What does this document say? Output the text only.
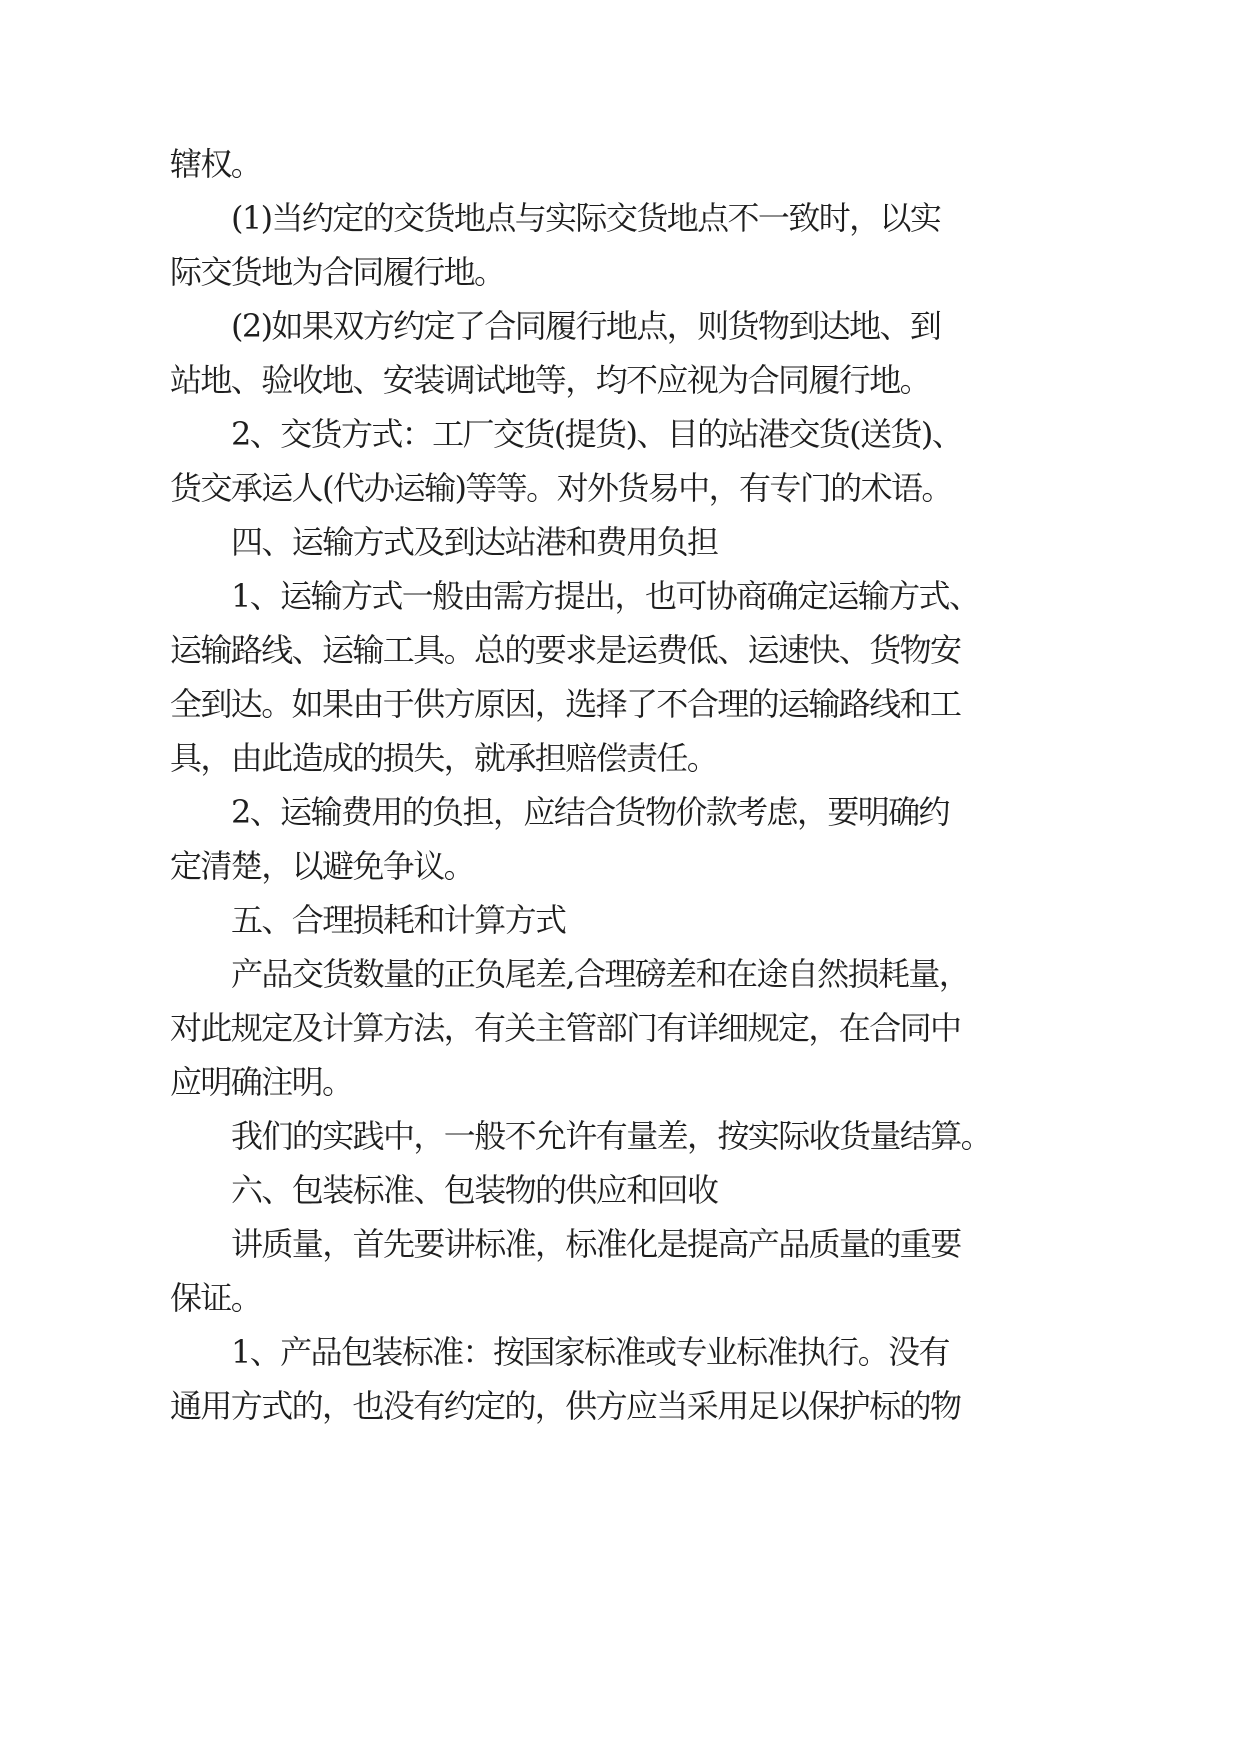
辖权。

(1)当约定的交货地点与实际交货地点不一致时，以实

际交货地为合同履行地。

(2)如果双方约定了合同履行地点，则货物到达地、到

站地、验收地、安装调试地等，均不应视为合同履行地。

2、交货方式：工厂交货(提货)、目的站港交货(送货)、

货交承运人(代办运输)等等。对外货易中，有专门的术语。

四、运输方式及到达站港和费用负担

1、运输方式一般由需方提出，也可协商确定运输方式、

运输路线、运输工具。总的要求是运费低、运速快、货物安

全到达。如果由于供方原因，选择了不合理的运输路线和工

具，由此造成的损失，就承担赔偿责任。

2、运输费用的负担，应结合货物价款考虑，要明确约

定清楚，以避免争议。

五、合理损耗和计算方式

产品交货数量的正负尾差,合理磅差和在途自然损耗量，

对此规定及计算方法，有关主管部门有详细规定，在合同中

应明确注明。

我们的实践中，一般不允许有量差，按实际收货量结算。

六、包装标准、包装物的供应和回收

讲质量，首先要讲标准，标准化是提高产品质量的重要

保证。

1、产品包装标准：按国家标准或专业标准执行。没有

通用方式的，也没有约定的，供方应当采用足以保护标的物
